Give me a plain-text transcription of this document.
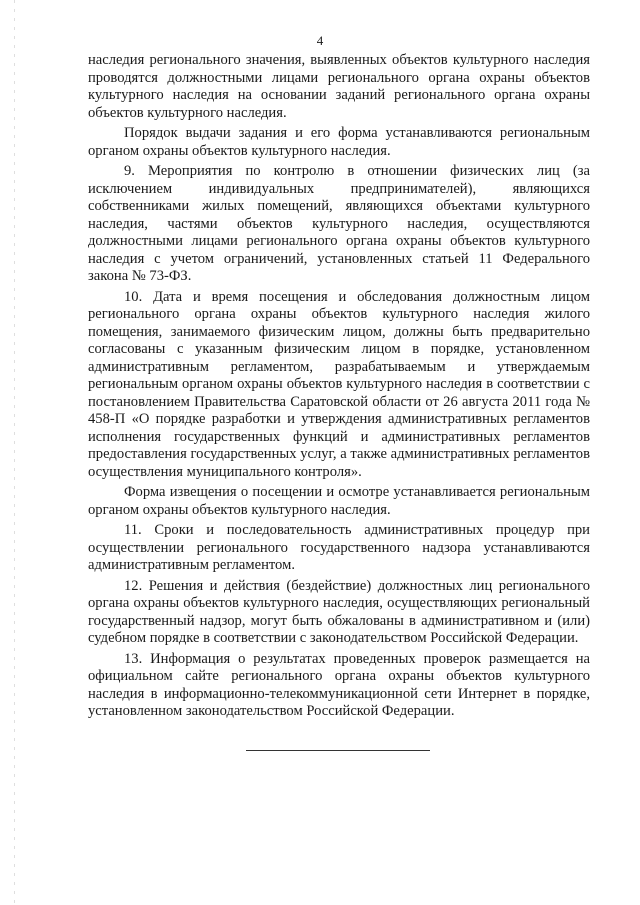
4

наследия регионального значения, выявленных объектов культурного наследия проводятся должностными лицами регионального органа охраны объектов культурного наследия на основании заданий регионального органа охраны объектов культурного наследия.

Порядок выдачи задания и его форма устанавливаются региональным органом охраны объектов культурного наследия.

9. Мероприятия по контролю в отношении физических лиц (за исключением индивидуальных предпринимателей), являющихся собственниками жилых помещений, являющихся объектами культурного наследия, частями объектов культурного наследия, осуществляются должностными лицами регионального органа охраны объектов культурного наследия с учетом ограничений, установленных статьей 11 Федерального закона № 73-ФЗ.

10. Дата и время посещения и обследования должностным лицом регионального органа охраны объектов культурного наследия жилого помещения, занимаемого физическим лицом, должны быть предварительно согласованы с указанным физическим лицом в порядке, установленном административным регламентом, разрабатываемым и утверждаемым региональным органом охраны объектов культурного наследия в соответствии с постановлением Правительства Саратовской области от 26 августа 2011 года № 458-П «О порядке разработки и утверждения административных регламентов исполнения государственных функций и административных регламентов предоставления государственных услуг, а также административных регламентов осуществления муниципального контроля».

Форма извещения о посещении и осмотре устанавливается региональным органом охраны объектов культурного наследия.

11. Сроки и последовательность административных процедур при осуществлении регионального государственного надзора устанавливаются административным регламентом.

12. Решения и действия (бездействие) должностных лиц регионального органа охраны объектов культурного наследия, осуществляющих региональный государственный надзор, могут быть обжалованы в административном и (или) судебном порядке в соответствии с законодательством Российской Федерации.

13. Информация о результатах проведенных проверок размещается на официальном сайте регионального органа охраны объектов культурного наследия в информационно-телекоммуникационной сети Интернет в порядке, установленном законодательством Российской Федерации.
